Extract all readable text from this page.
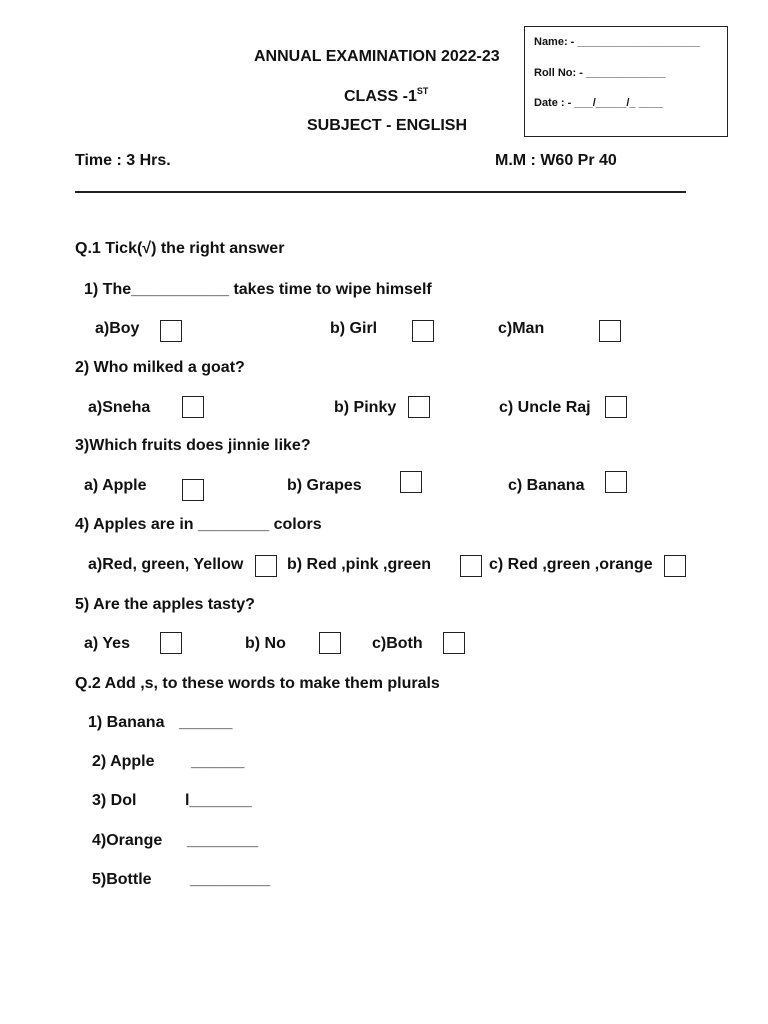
Name: - ____________________
Roll No: - _____________
Date : - ___/_____/_ ____
ANNUAL EXAMINATION 2022-23
CLASS -1ST
SUBJECT - ENGLISH
Time : 3 Hrs.	M.M : W60 Pr 40
Q.1 Tick(√) the right answer
1) The___________ takes time to wipe himself
a)Boy	b) Girl	c)Man
2) Who milked a goat?
a)Sneha	b) Pinky	c) Uncle Raj
3)Which fruits does jinnie like?
a) Apple	b) Grapes	c) Banana
4) Apples are in ________ colors
a)Red, green, Yellow	b) Red ,pink ,green	c) Red ,green ,orange
5) Are the apples tasty?
a) Yes	b) No	c)Both
Q.2 Add ,s, to these words to make them plurals
1) Banana ______
2) Apple ______
3) Dol	l_______
4)Orange ________
5)Bottle _________
